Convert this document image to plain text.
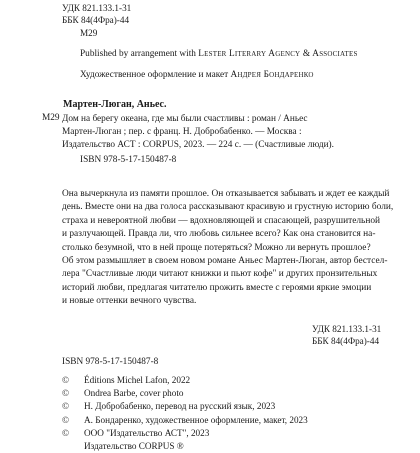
УДК 821.133.1-31
ББК 84(4Фра)-44
М29
Published by arrangement with Lester Literary Agency & Associates
Художественное оформление и макет Андрея Бондаренко
Мартен-Люган, Аньес.
М29 Дом на берегу океана, где мы были счастливы : роман / Аньес
Мартен-Люган ; пер. с франц. Н. Добробабенко. — Москва :
Издательство АСТ : CORPUS, 2023. — 224 с. — (Счастливые люди).
ISBN 978-5-17-150487-8
Она вычеркнула из памяти прошлое. Он отказывается забывать и ждет ее каждый
день. Вместе они на два голоса рассказывают красивую и грустную историю боли,
страха и невероятной любви — вдохновляющей и спасающей, разрушительной
и разлучающей. Правда ли, что любовь сильнее всего? Как она становится на-
столько безумной, что в ней проще потеряться? Можно ли вернуть прошлое?
Об этом размышляет в своем новом романе Аньес Мартен-Люган, автор бестсел-
лера "Счастливые люди читают книжки и пьют кофе" и других пронзительных
историй любви, предлагая читателю прожить вместе с героями яркие эмоции
и новые оттенки вечного чувства.
УДК 821.133.1-31
ББК 84(4Фра)-44
ISBN 978-5-17-150487-8
©	Éditions Michel Lafon, 2022
©	Ondrea Barbe, cover photo
©	Н. Добробабенко, перевод на русский язык, 2023
©	А. Бондаренко, художественное оформление, макет, 2023
©	ООО "Издательство АСТ", 2023
Издательство CORPUS ®
